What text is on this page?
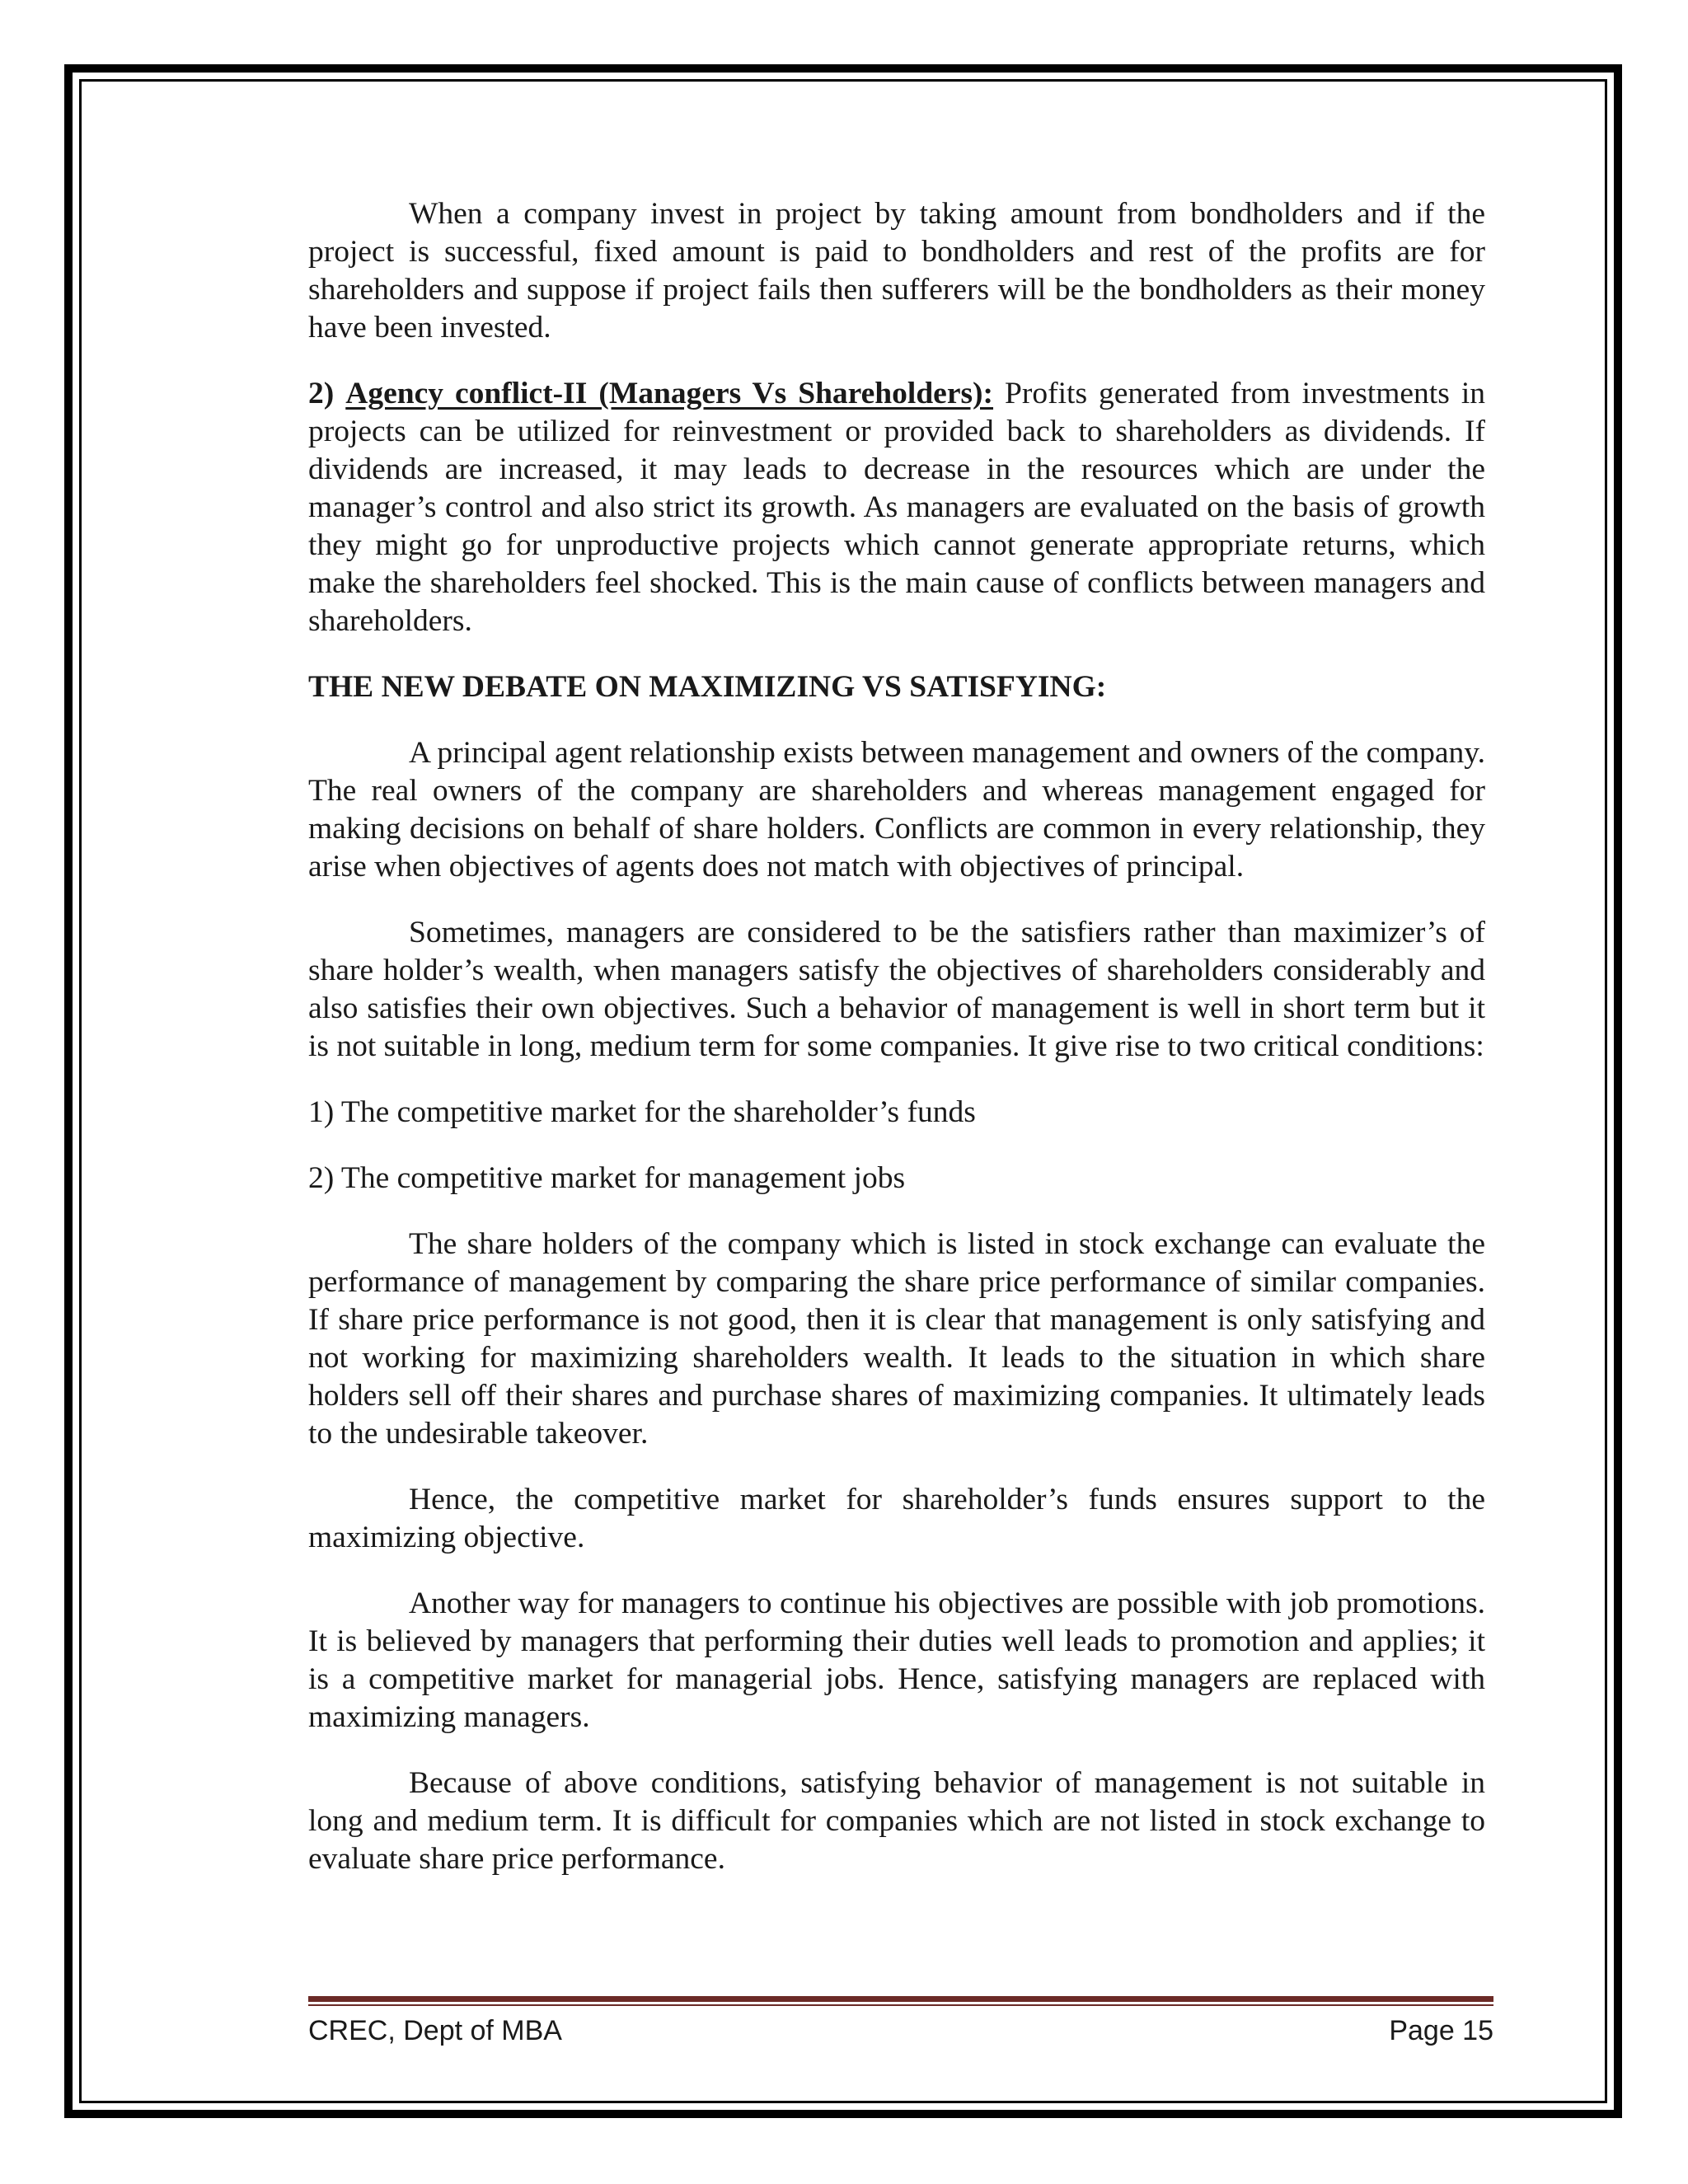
When a company invest in project by taking amount from bondholders and if the project is successful, fixed amount is paid to bondholders and rest of the profits are for shareholders and suppose if project fails then sufferers will be the bondholders as their money have been invested.

2) Agency conflict-II (Managers Vs Shareholders): Profits generated from investments in projects can be utilized for reinvestment or provided back to shareholders as dividends. If dividends are increased, it may leads to decrease in the resources which are under the manager’s control and also strict its growth. As managers are evaluated on the basis of growth they might go for unproductive projects which cannot generate appropriate returns, which make the shareholders feel shocked. This is the main cause of conflicts between managers and shareholders.

THE NEW DEBATE ON MAXIMIZING VS SATISFYING:

A principal agent relationship exists between management and owners of the company. The real owners of the company are shareholders and whereas management engaged for making decisions on behalf of share holders. Conflicts are common in every relationship, they arise when objectives of agents does not match with objectives of principal.

Sometimes, managers are considered to be the satisfiers rather than maximizer’s of share holder’s wealth, when managers satisfy the objectives of shareholders considerably and also satisfies their own objectives. Such a behavior of management is well in short term but it is not suitable in long, medium term for some companies. It give rise to two critical conditions:

1) The competitive market for the shareholder’s funds

2) The competitive market for management jobs

The share holders of the company which is listed in stock exchange can evaluate the performance of management by comparing the share price performance of similar companies. If share price performance is not good, then it is clear that management is only satisfying and not working for maximizing shareholders wealth. It leads to the situation in which share holders sell off their shares and purchase shares of maximizing companies. It ultimately leads to the undesirable takeover.

Hence, the competitive market for shareholder’s funds ensures support to the maximizing objective.

Another way for managers to continue his objectives are possible with job promotions. It is believed by managers that performing their duties well leads to promotion and applies; it is a competitive market for managerial jobs. Hence, satisfying managers are replaced with maximizing managers.

Because of above conditions, satisfying behavior of management is not suitable in long and medium term. It is difficult for companies which are not listed in stock exchange to evaluate share price performance.

CREC, Dept of MBA	Page 15
